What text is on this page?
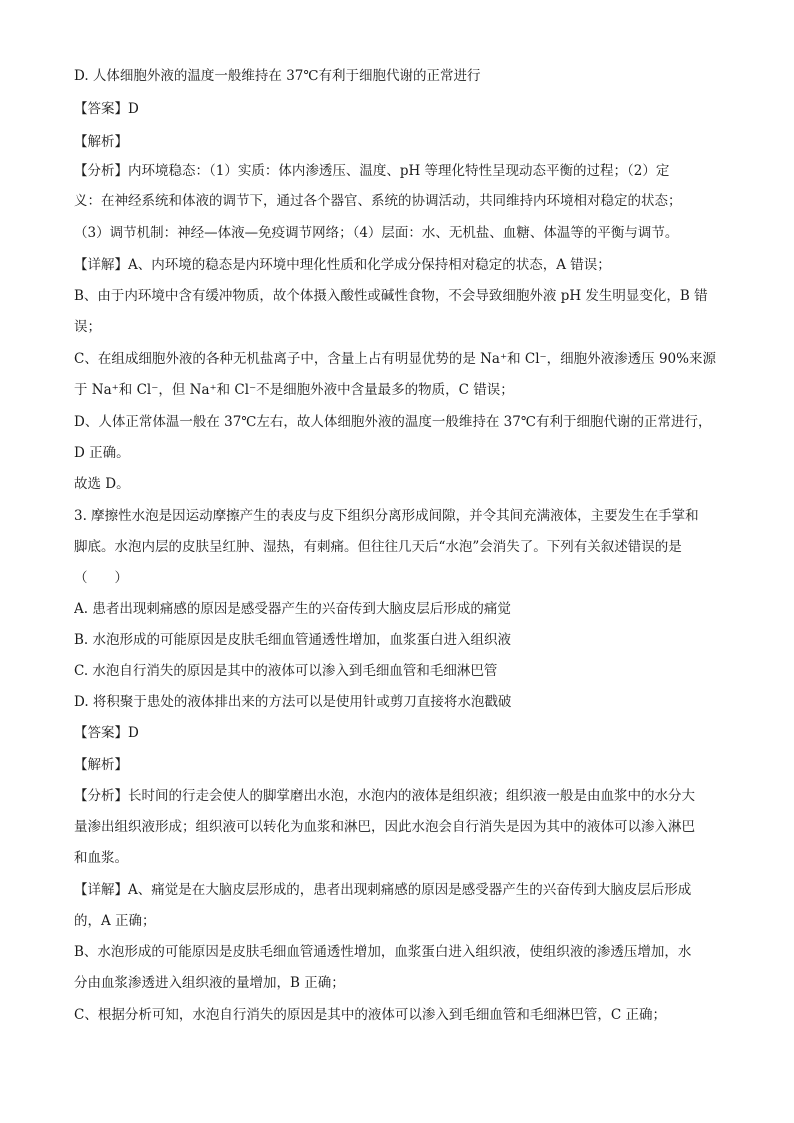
D. 人体细胞外液的温度一般维持在 37℃有利于细胞代谢的正常进行
【答案】D
【解析】
【分析】内环境稳态：（1）实质：体内渗透压、温度、pH 等理化特性呈现动态平衡的过程；（2）定
义：在神经系统和体液的调节下，通过各个器官、系统的协调活动，共同维持内环境相对稳定的状态；
（3）调节机制：神经—体液—免疫调节网络；（4）层面：水、无机盐、血糖、体温等的平衡与调节。
【详解】A、内环境的稳态是内环境中理化性质和化学成分保持相对稳定的状态，A 错误；
B、由于内环境中含有缓冲物质，故个体摄入酸性或碱性食物，不会导致细胞外液 pH 发生明显变化，B 错
误；
C、在组成细胞外液的各种无机盐离子中，含量上占有明显优势的是 Na⁺和 Cl⁻，细胞外液渗透压 90%来源
于 Na⁺和 Cl⁻，但 Na⁺和 Cl⁻不是细胞外液中含量最多的物质，C 错误；
D、人体正常体温一般在 37℃左右，故人体细胞外液的温度一般维持在 37℃有利于细胞代谢的正常进行，
D 正确。
故选 D。
3. 摩擦性水泡是因运动摩擦产生的表皮与皮下组织分离形成间隙，并令其间充满液体，主要发生在手掌和
脚底。水泡内层的皮肤呈红肿、湿热，有刺痛。但往往几天后“水泡”会消失了。下列有关叙述错误的是
（　　）
A. 患者出现刺痛感的原因是感受器产生的兴奋传到大脑皮层后形成的痛觉
B. 水泡形成的可能原因是皮肤毛细血管通透性增加，血浆蛋白进入组织液
C. 水泡自行消失的原因是其中的液体可以渗入到毛细血管和毛细淋巴管
D. 将积聚于患处的液体排出来的方法可以是使用针或剪刀直接将水泡戳破
【答案】D
【解析】
【分析】长时间的行走会使人的脚掌磨出水泡，水泡内的液体是组织液；组织液一般是由血浆中的水分大
量渗出组织液形成；组织液可以转化为血浆和淋巴，因此水泡会自行消失是因为其中的液体可以渗入淋巴
和血浆。
【详解】A、痛觉是在大脑皮层形成的，患者出现刺痛感的原因是感受器产生的兴奋传到大脑皮层后形成
的，A 正确；
B、水泡形成的可能原因是皮肤毛细血管通透性增加，血浆蛋白进入组织液，使组织液的渗透压增加，水
分由血浆渗透进入组织液的量增加，B 正确；
C、根据分析可知，水泡自行消失的原因是其中的液体可以渗入到毛细血管和毛细淋巴管，C 正确；
